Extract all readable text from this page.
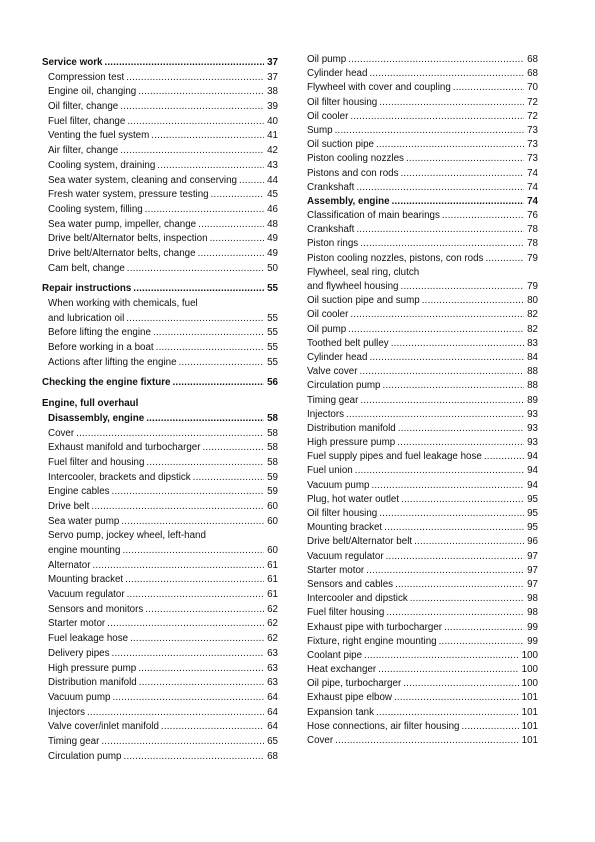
Service work .....	37
Compression test .....	37
Engine oil, changing .....	38
Oil filter, change .....	39
Fuel filter, change .....	40
Venting the fuel system .....	41
Air filter, change .....	42
Cooling system, draining .....	43
Sea water system, cleaning and conserving .....	44
Fresh water system, pressure testing .....	45
Cooling system, filling .....	46
Sea water pump, impeller, change .....	48
Drive belt/Alternator belts, inspection .....	49
Drive belt/Alternator belts, change .....	49
Cam belt, change .....	50
Repair instructions .....	55
When working with chemicals, fuel
and lubrication oil .....	55
Before lifting the engine .....	55
Before working in a boat .....	55
Actions after lifting the engine .....	55
Checking the engine fixture .....	56
Engine, full overhaul
Disassembly, engine .....	58
Cover .....	58
Exhaust manifold and turbocharger .....	58
Fuel filter and housing .....	58
Intercooler, brackets and dipstick .....	59
Engine cables .....	59
Drive belt .....	60
Sea water pump .....	60
Servo pump, jockey wheel, left-hand
engine mounting .....	60
Alternator .....	61
Mounting bracket .....	61
Vacuum regulator .....	61
Sensors and monitors .....	62
Starter motor .....	62
Fuel leakage hose .....	62
Delivery pipes .....	63
High pressure pump .....	63
Distribution manifold .....	63
Vacuum pump .....	64
Injectors .....	64
Valve cover/inlet manifold .....	64
Timing gear .....	65
Circulation pump .....	68
Oil pump .....	68
Cylinder head .....	68
Flywheel with cover and coupling .....	70
Oil filter housing .....	72
Oil cooler .....	72
Sump .....	73
Oil suction pipe .....	73
Piston cooling nozzles .....	73
Pistons and con rods .....	74
Crankshaft .....	74
Assembly, engine .....	74
Classification of main bearings .....	76
Crankshaft .....	78
Piston rings .....	78
Piston cooling nozzles, pistons, con rods .....	79
Flywheel, seal ring, clutch
and flywheel housing .....	79
Oil suction pipe and sump .....	80
Oil cooler .....	82
Oil pump .....	82
Toothed belt pulley .....	83
Cylinder head .....	84
Valve cover .....	88
Circulation pump .....	88
Timing gear .....	89
Injectors .....	93
Distribution manifold .....	93
High pressure pump .....	93
Fuel supply pipes and fuel leakage hose .....	94
Fuel union .....	94
Vacuum pump .....	94
Plug, hot water outlet .....	95
Oil filter housing .....	95
Mounting bracket .....	95
Drive belt/Alternator belt .....	96
Vacuum regulator .....	97
Starter motor .....	97
Sensors and cables .....	97
Intercooler and dipstick .....	98
Fuel filter housing .....	98
Exhaust pipe with turbocharger .....	99
Fixture, right engine mounting .....	99
Coolant pipe .....	100
Heat exchanger .....	100
Oil pipe, turbocharger .....	100
Exhaust pipe elbow .....	101
Expansion tank .....	101
Hose connections, air filter housing .....	101
Cover .....	101
